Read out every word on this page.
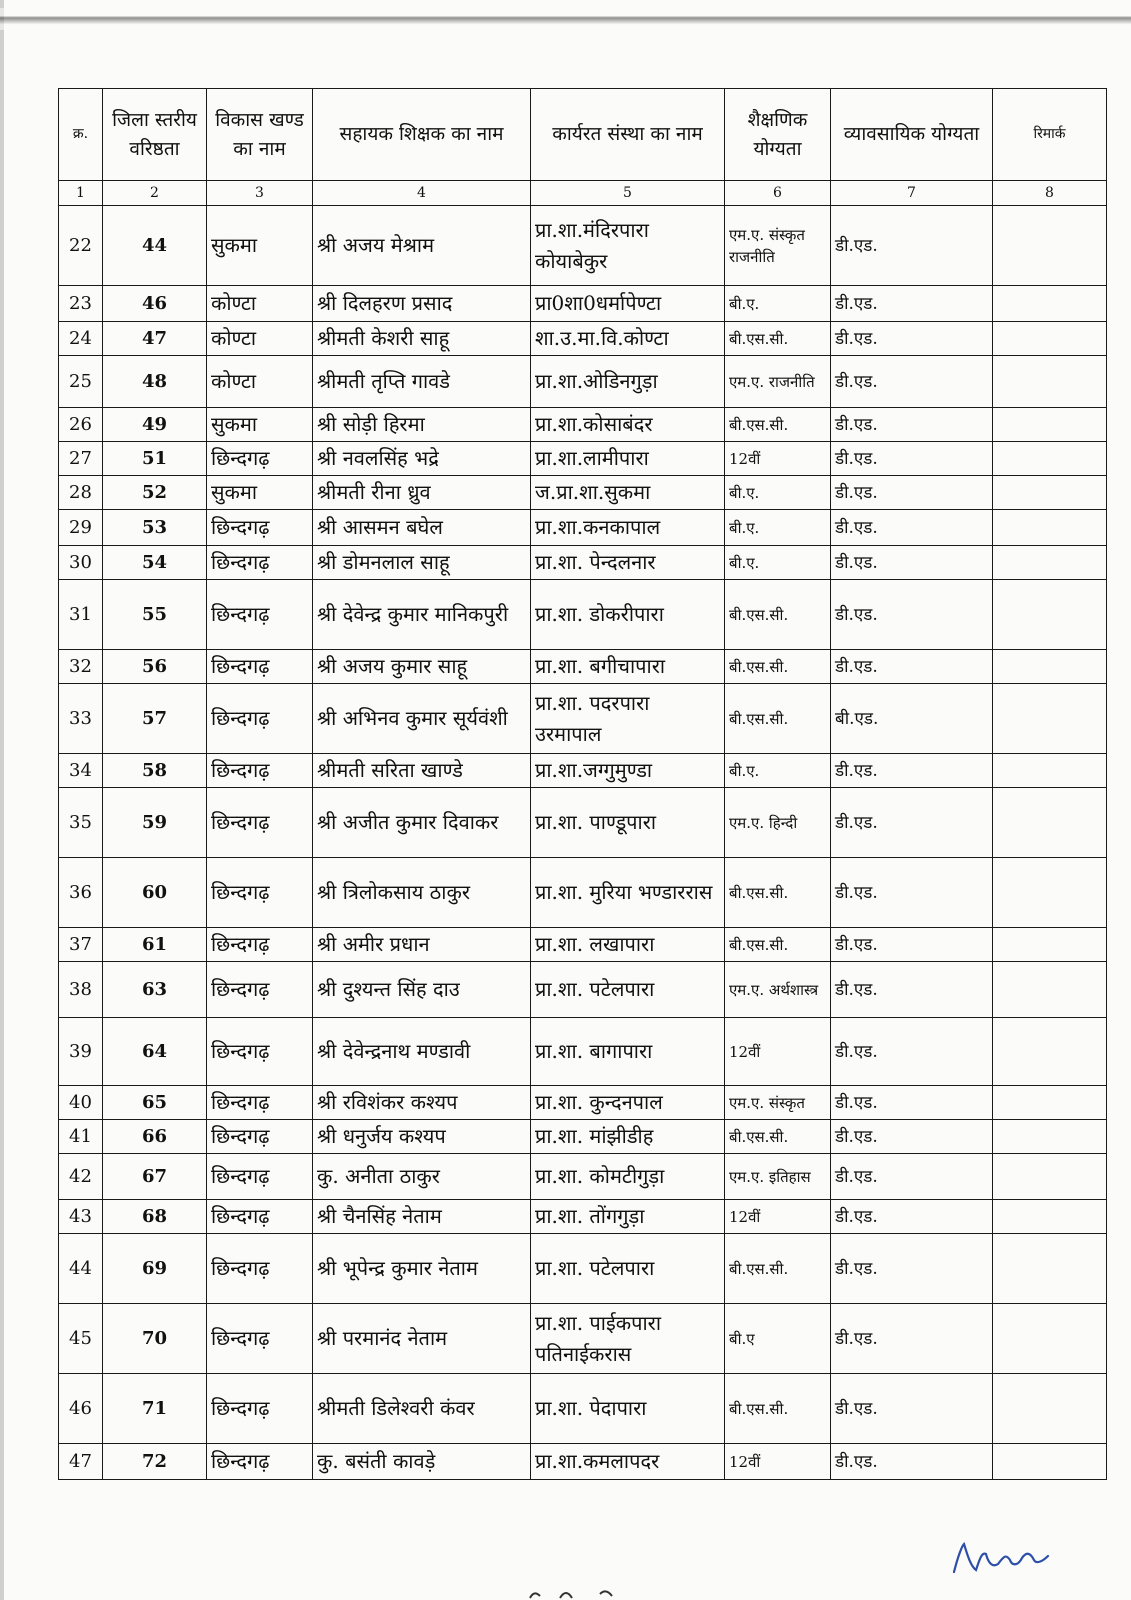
क्र.	जिला स्तरीय वरिष्ठता	विकास खण्ड का नाम	सहायक शिक्षक का नाम	कार्यरत संस्था का नाम	शैक्षणिक योग्यता	व्यावसायिक योग्यता	रिमार्क
1	2	3	4	5	6	7	8
22	44	सुकमा	श्री अजय मेश्राम	प्रा.शा.मंदिरपारा कोयाबेकुर	एम.ए. संस्कृत राजनीति	डी.एड.	
23	46	कोण्टा	श्री दिलहरण प्रसाद	प्रा0शा0धर्मापेण्टा	बी.ए.	डी.एड.	
24	47	कोण्टा	श्रीमती केशरी साहू	शा.उ.मा.वि.कोण्टा	बी.एस.सी.	डी.एड.	
25	48	कोण्टा	श्रीमती तृप्ति गावडे	प्रा.शा.ओडिनगुड़ा	एम.ए. राजनीति	डी.एड.	
26	49	सुकमा	श्री सोड़ी हिरमा	प्रा.शा.कोसाबंदर	बी.एस.सी.	डी.एड.	
27	51	छिन्दगढ़	श्री नवलसिंह भद्रे	प्रा.शा.लामीपारा	12वीं	डी.एड.	
28	52	सुकमा	श्रीमती रीना ध्रुव	ज.प्रा.शा.सुकमा	बी.ए.	डी.एड.	
29	53	छिन्दगढ़	श्री आसमन बघेल	प्रा.शा.कनकापाल	बी.ए.	डी.एड.	
30	54	छिन्दगढ़	श्री डोमनलाल साहू	प्रा.शा. पेन्दलनार	बी.ए.	डी.एड.	
31	55	छिन्दगढ़	श्री देवेन्द्र कुमार मानिकपुरी	प्रा.शा. डोकरीपारा	बी.एस.सी.	डी.एड.	
32	56	छिन्दगढ़	श्री अजय कुमार साहू	प्रा.शा. बगीचापारा	बी.एस.सी.	डी.एड.	
33	57	छिन्दगढ़	श्री अभिनव कुमार सूर्यवंशी	प्रा.शा. पदरपारा उरमापाल	बी.एस.सी.	बी.एड.	
34	58	छिन्दगढ़	श्रीमती सरिता खाण्डे	प्रा.शा.जग्गुमुण्डा	बी.ए.	डी.एड.	
35	59	छिन्दगढ़	श्री अजीत कुमार दिवाकर	प्रा.शा. पाण्डूपारा	एम.ए. हिन्दी	डी.एड.	
36	60	छिन्दगढ़	श्री त्रिलोकसाय ठाकुर	प्रा.शा. मुरिया भण्डाररास	बी.एस.सी.	डी.एड.	
37	61	छिन्दगढ़	श्री अमीर प्रधान	प्रा.शा. लखापारा	बी.एस.सी.	डी.एड.	
38	63	छिन्दगढ़	श्री दुश्यन्त सिंह दाउ	प्रा.शा. पटेलपारा	एम.ए. अर्थशास्त्र	डी.एड.	
39	64	छिन्दगढ़	श्री देवेन्द्रनाथ मण्डावी	प्रा.शा. बागापारा	12वीं	डी.एड.	
40	65	छिन्दगढ़	श्री रविशंकर कश्यप	प्रा.शा. कुन्दनपाल	एम.ए. संस्कृत	डी.एड.	
41	66	छिन्दगढ़	श्री धनुर्जय कश्यप	प्रा.शा. मांझीडीह	बी.एस.सी.	डी.एड.	
42	67	छिन्दगढ़	कु. अनीता ठाकुर	प्रा.शा. कोमटीगुड़ा	एम.ए. इतिहास	डी.एड.	
43	68	छिन्दगढ़	श्री चैनसिंह नेताम	प्रा.शा. तोंगगुड़ा	12वीं	डी.एड.	
44	69	छिन्दगढ़	श्री भूपेन्द्र कुमार नेताम	प्रा.शा. पटेलपारा	बी.एस.सी.	डी.एड.	
45	70	छिन्दगढ़	श्री परमानंद नेताम	प्रा.शा. पाईकपारा पतिनाईकरास	बी.ए	डी.एड.	
46	71	छिन्दगढ़	श्रीमती डिलेश्वरी कंवर	प्रा.शा. पेदापारा	बी.एस.सी.	डी.एड.	
47	72	छिन्दगढ़	कु. बसंती कावड़े	प्रा.शा.कमलापदर	12वीं	डी.एड.	
